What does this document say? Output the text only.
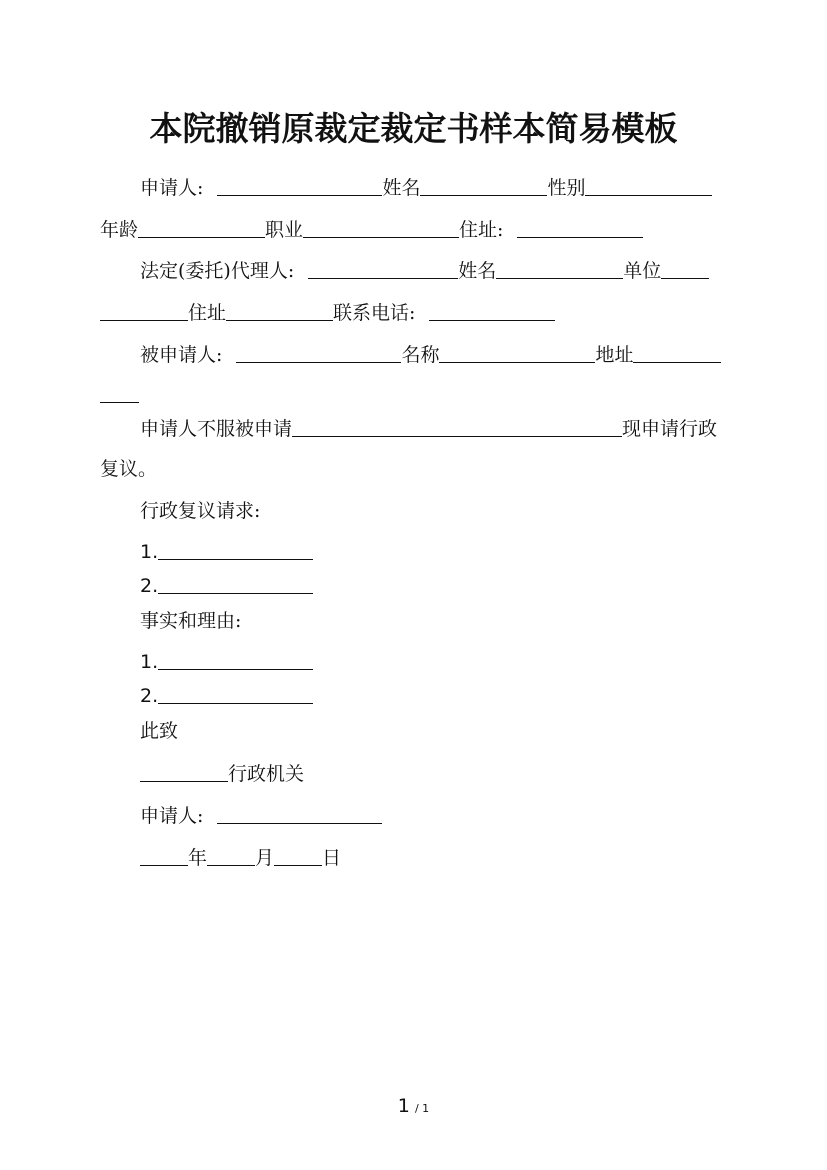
本院撤销原裁定裁定书样本简易模板
申请人:	姓名	性别
年龄	职业	住址:
法定(委托)代理人:	姓名	单位
住址	联系电话:
被申请人:	名称	地址
申请人不服被申请	现申请行政
复议。
行政复议请求:
1.
2.
事实和理由:
1.
2.
此致
行政机关
申请人:
年	月	日
1 / 1
